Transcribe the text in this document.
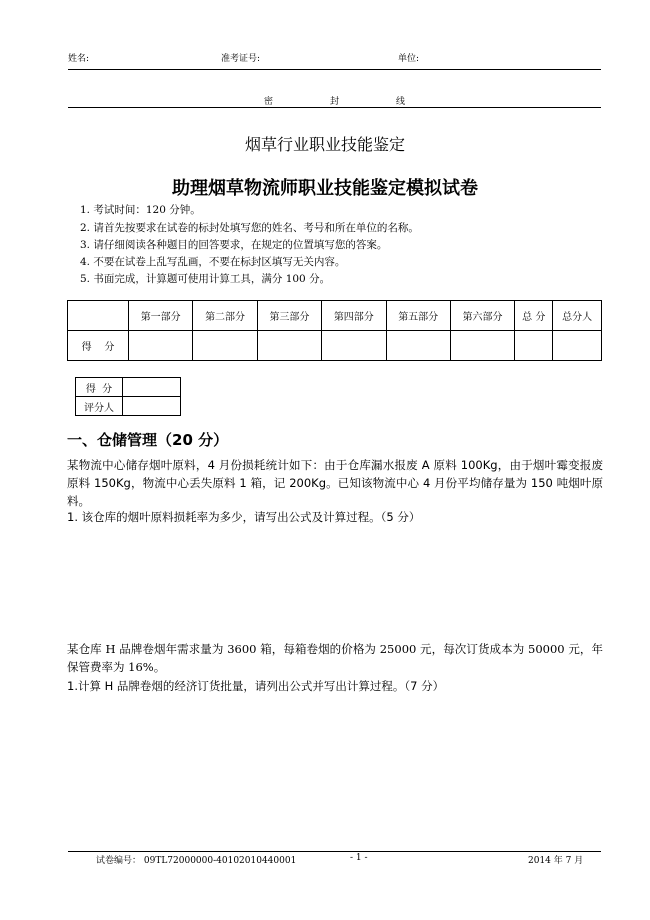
姓名:	准考证号:	单位:
密	封	线
烟草行业职业技能鉴定
助理烟草物流师职业技能鉴定模拟试卷
1. 考试时间：120 分钟。
2. 请首先按要求在试卷的标封处填写您的姓名、考号和所在单位的名称。
3. 请仔细阅读各种题目的回答要求，在规定的位置填写您的答案。
4. 不要在试卷上乱写乱画，不要在标封区填写无关内容。
5. 书面完成，计算题可使用计算工具，满分 100 分。
	第一部分	第二部分	第三部分	第四部分	第五部分	第六部分	总 分	总分人
得    分								
得  分	
评分人	
一、仓储管理（20 分）
某物流中心储存烟叶原料，4 月份损耗统计如下：由于仓库漏水报废 A 原料 100Kg，由于烟叶霉变报废原料 150Kg，物流中心丢失原料 1 箱，记 200Kg。已知该物流中心 4 月份平均储存量为 150 吨烟叶原料。
1. 该仓库的烟叶原料损耗率为多少，请写出公式及计算过程。（5 分）
某仓库 H 品牌卷烟年需求量为 3600 箱，每箱卷烟的价格为 25000 元，每次订货成本为 50000 元，年保管费率为 16%。
1.计算 H 品牌卷烟的经济订货批量，请列出公式并写出计算过程。（7 分）
试卷编号： 09TL72000000-40102010440001	- 1 -	2014 年 7 月
